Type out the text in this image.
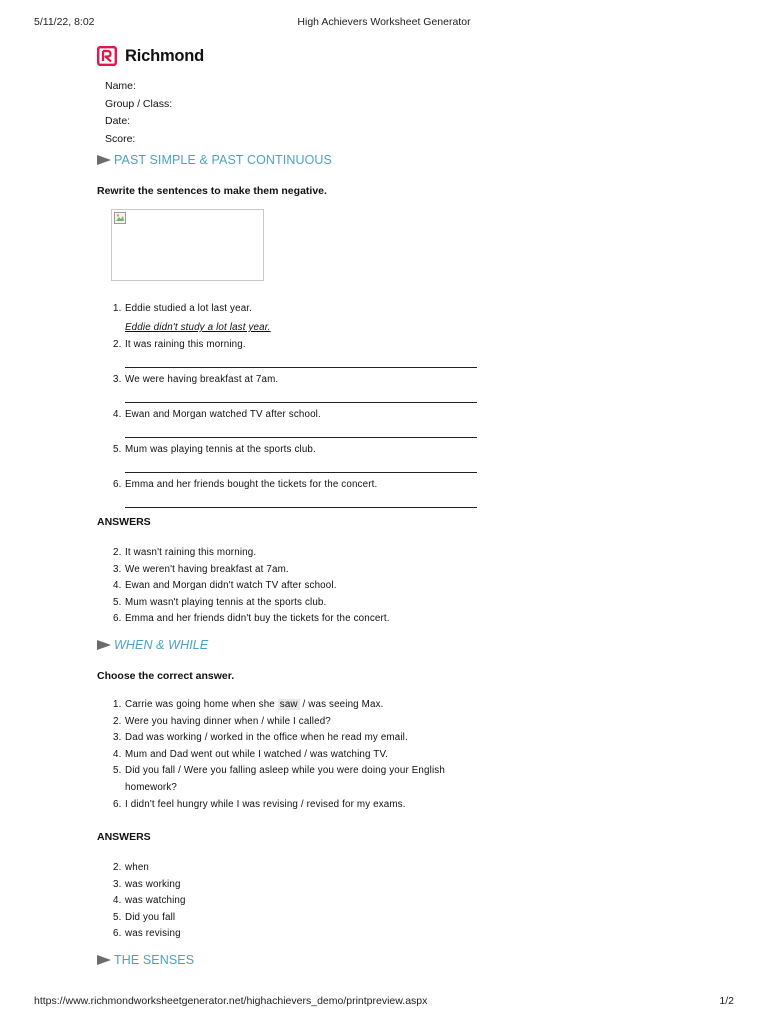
5/11/22, 8:02	High Achievers Worksheet Generator
Richmond
Name:
Group / Class:
Date:
Score:
PAST SIMPLE & PAST CONTINUOUS
Rewrite the sentences to make them negative.
1. Eddie studied a lot last year.
Eddie didn't study a lot last year.
2. It was raining this morning.
3. We were having breakfast at 7am.
4. Ewan and Morgan watched TV after school.
5. Mum was playing tennis at the sports club.
6. Emma and her friends bought the tickets for the concert.
ANSWERS
2. It wasn't raining this morning.
3. We weren't having breakfast at 7am.
4. Ewan and Morgan didn't watch TV after school.
5. Mum wasn't playing tennis at the sports club.
6. Emma and her friends didn't buy the tickets for the concert.
WHEN & WHILE
Choose the correct answer.
1. Carrie was going home when she saw / was seeing Max.
2. Were you having dinner when / while I called?
3. Dad was working / worked in the office when he read my email.
4. Mum and Dad went out while I watched / was watching TV.
5. Did you fall / Were you falling asleep while you were doing your English
homework?
6. I didn't feel hungry while I was revising / revised for my exams.
ANSWERS
2. when
3. was working
4. was watching
5. Did you fall
6. was revising
THE SENSES
https://www.richmondworksheetgenerator.net/highachievers_demo/printpreview.aspx	1/2
